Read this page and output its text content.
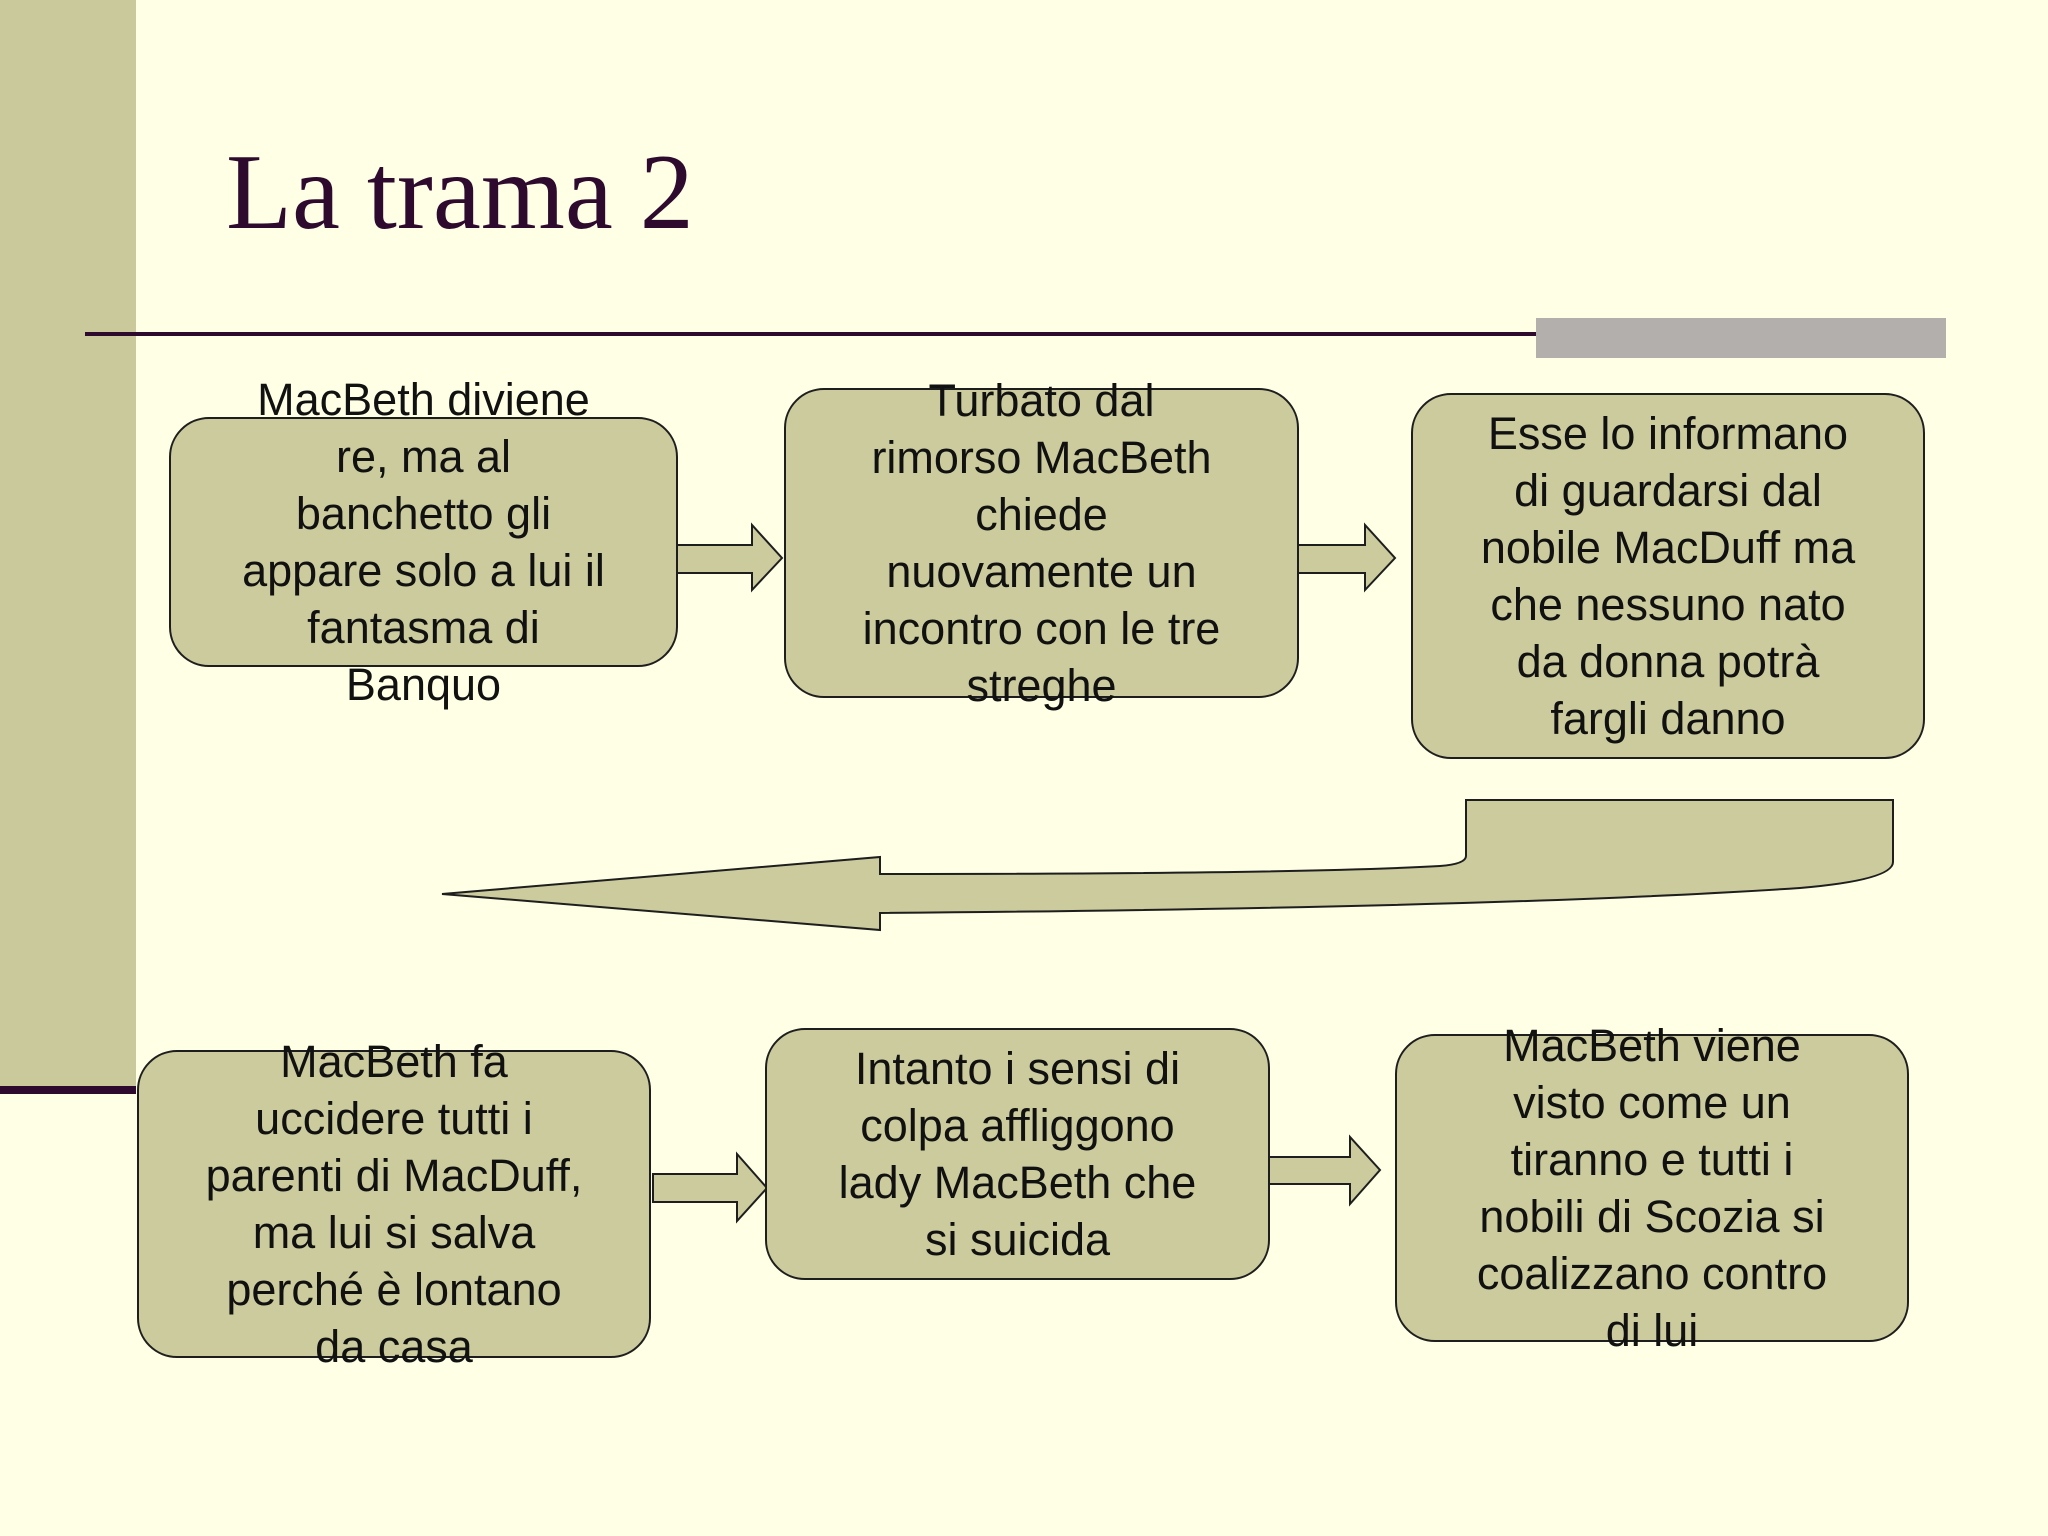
La trama 2
MacBeth diviene
re, ma al
banchetto gli
appare solo a lui il
fantasma di
Banquo
Turbato dal
rimorso MacBeth
chiede
nuovamente un
incontro con le tre
streghe
Esse lo informano
di guardarsi dal
nobile MacDuff ma
che nessuno nato
da donna potrà
fargli danno
MacBeth fa
uccidere tutti i
parenti di MacDuff,
ma lui si salva
perché è lontano
da casa
Intanto i sensi di
colpa affliggono
lady MacBeth che
si suicida
MacBeth viene
visto come un
tiranno e tutti i
nobili di Scozia si
coalizzano contro
di lui
